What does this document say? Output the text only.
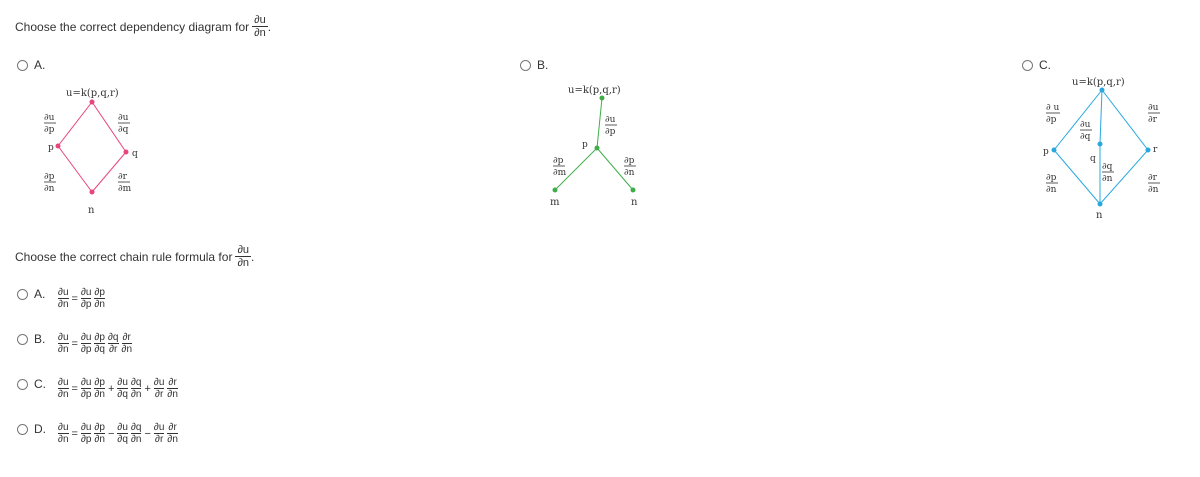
Choose the correct dependency diagram for $\frac{\partial u}{\partial n}$ .
A.	B.	C.
u=k(p,q,r)
p
q
n
∂u
∂p
∂u
∂q
∂p
∂n
∂r
∂m
u=k(p,q,r)
p
m	n
∂u
∂p
∂p
∂m
∂p
∂n
u=k(p,q,r)
p
q
r
n
∂ u
∂p	∂u
∂q
∂u
∂r
∂p
∂n
∂q
∂n	∂r
∂n
Choose the correct chain rule formula for $\frac{\partial u}{\partial n}$ .
A. ∂u
∂n = ∂u
∂p
∂p
∂n
B. ∂u
∂n = ∂u
∂p
∂p
∂q
∂q
∂r
∂r
∂n
C. ∂u
∂n = ∂u
∂p
∂p
∂n + ∂u
∂q
∂q
∂n + ∂u
∂r
∂r
∂n
D. ∂u
∂n = ∂u
∂p
∂p
∂n − ∂u
∂q
∂q
∂n − ∂u
∂r
∂r
∂n
